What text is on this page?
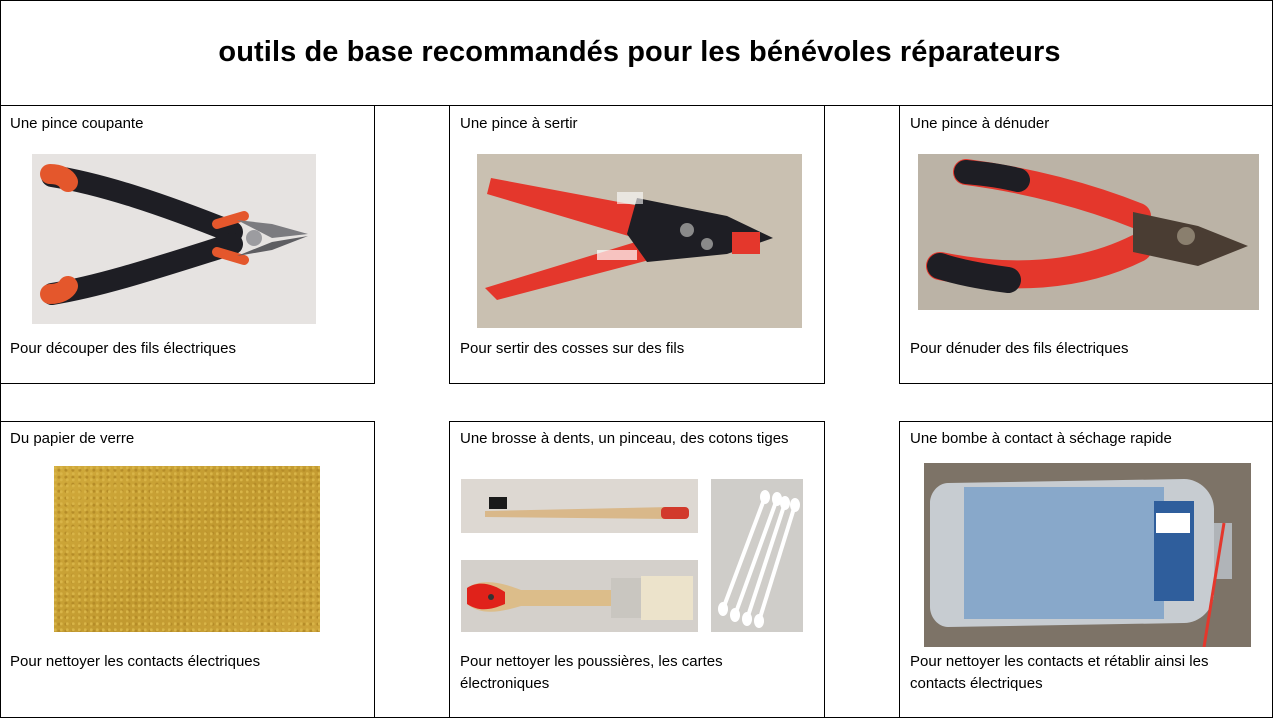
outils de base recommandés pour les bénévoles réparateurs
Une pince coupante
Pour découper des fils électriques
Une pince à sertir
Pour sertir des cosses sur des fils
Une pince à dénuder
Pour dénuder des fils électriques
Du papier de verre
Pour nettoyer les contacts électriques
Une brosse à dents, un pinceau, des cotons tiges
Pour nettoyer les poussières, les cartes électroniques
Une bombe à contact à séchage rapide
Pour nettoyer les contacts et rétablir ainsi les contacts électriques
